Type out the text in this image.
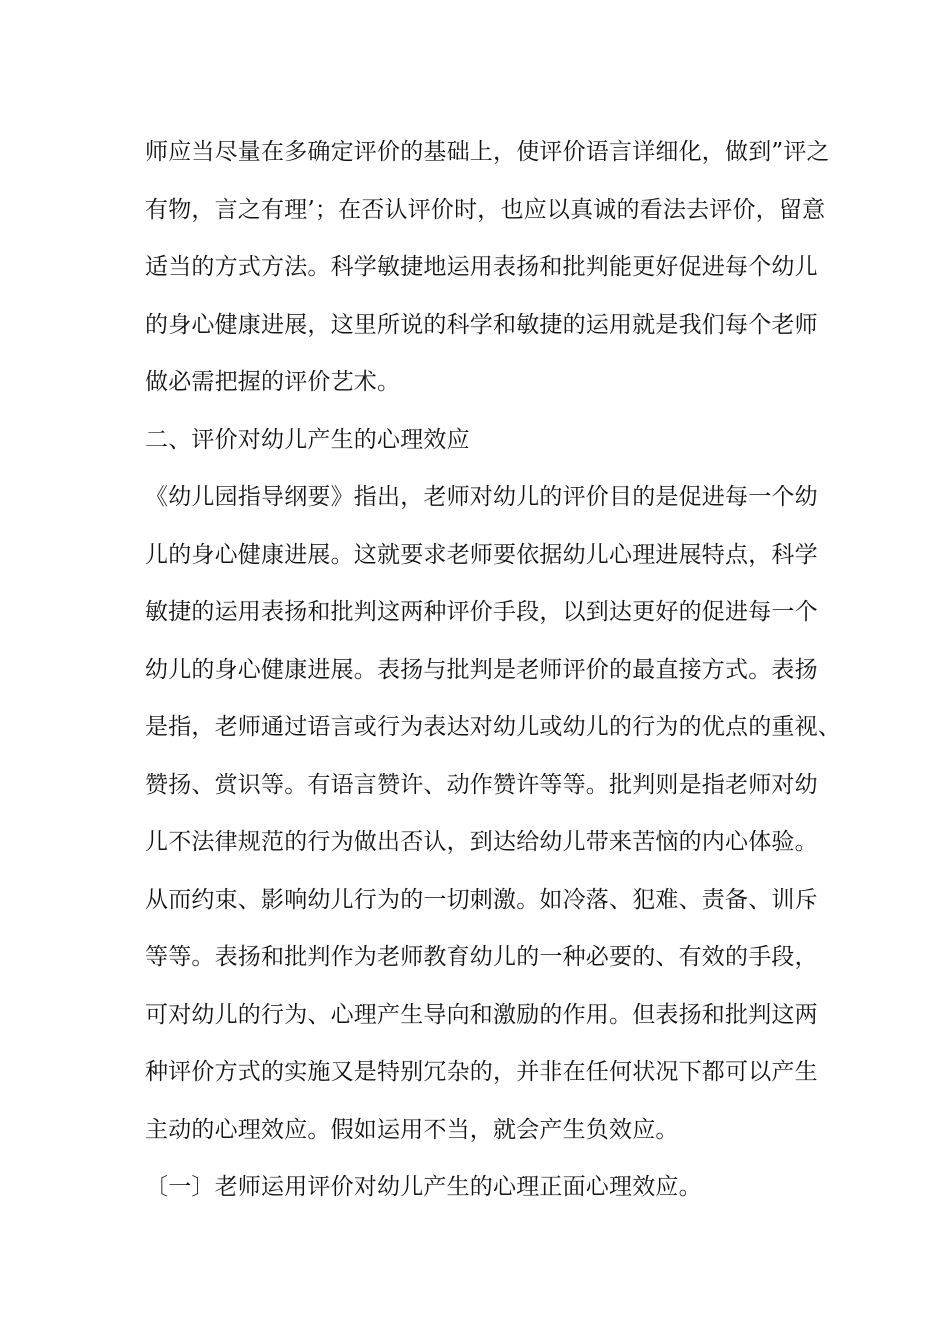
师应当尽量在多确定评价的基础上，使评价语言详细化，做到”评之
有物，言之有理’；在否认评价时，也应以真诚的看法去评价，留意
适当的方式方法。科学敏捷地运用表扬和批判能更好促进每个幼儿
的身心健康进展，这里所说的科学和敏捷的运用就是我们每个老师
做必需把握的评价艺术。
二、评价对幼儿产生的心理效应
《幼儿园指导纲要》指出，老师对幼儿的评价目的是促进每一个幼
儿的身心健康进展。这就要求老师要依据幼儿心理进展特点，科学
敏捷的运用表扬和批判这两种评价手段，以到达更好的促进每一个
幼儿的身心健康进展。表扬与批判是老师评价的最直接方式。表扬
是指，老师通过语言或行为表达对幼儿或幼儿的行为的优点的重视、
赞扬、赏识等。有语言赞许、动作赞许等等。批判则是指老师对幼
儿不法律规范的行为做出否认，到达给幼儿带来苦恼的内心体验。
从而约束、影响幼儿行为的一切刺激。如冷落、犯难、责备、训斥
等等。表扬和批判作为老师教育幼儿的一种必要的、有效的手段，
可对幼儿的行为、心理产生导向和激励的作用。但表扬和批判这两
种评价方式的实施又是特别冗杂的，并非在任何状况下都可以产生
主动的心理效应。假如运用不当，就会产生负效应。
〔一〕老师运用评价对幼儿产生的心理正面心理效应。
